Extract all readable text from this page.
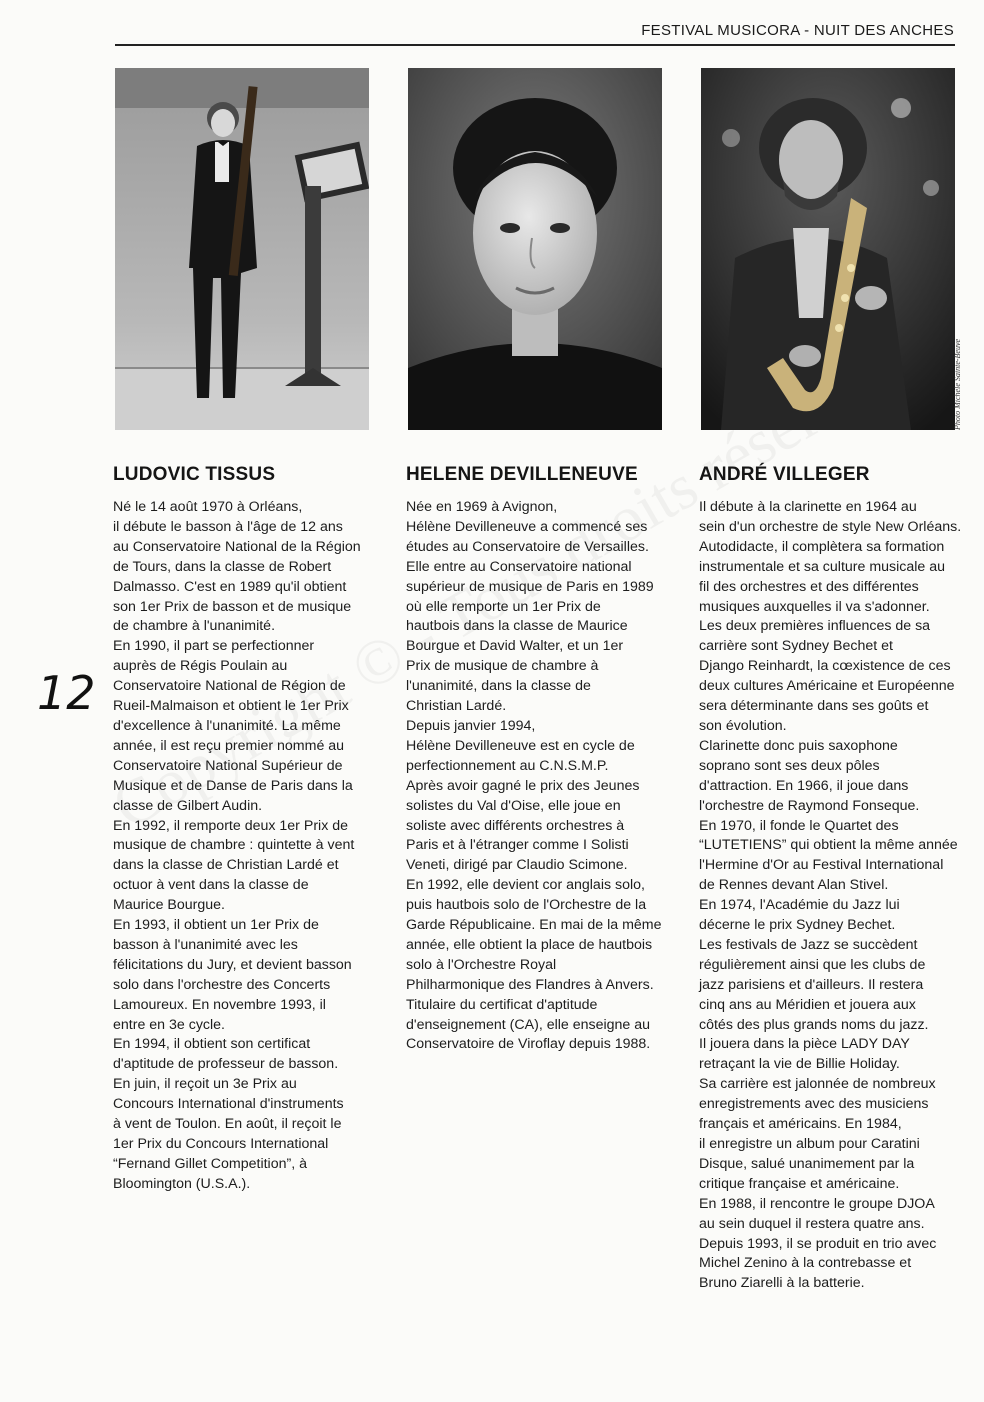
FESTIVAL MUSICORA - NUIT DES ANCHES
12
Photo Michèle Sainte-Beuve
LUDOVIC TISSUS

Né le 14 août 1970 à Orléans,
il débute le basson à l'âge de 12 ans
au Conservatoire National de la Région
de Tours, dans la classe de Robert
Dalmasso. C'est en 1989 qu'il obtient
son 1er Prix de basson et de musique
de chambre à l'unanimité.
En 1990, il part se perfectionner
auprès de Régis Poulain au
Conservatoire National de Région de
Rueil-Malmaison et obtient le 1er Prix
d'excellence à l'unanimité. La même
année, il est reçu premier nommé au
Conservatoire National Supérieur de
Musique et de Danse de Paris dans la
classe de Gilbert Audin.
En 1992, il remporte deux 1er Prix de
musique de chambre : quintette à vent
dans la classe de Christian Lardé et
octuor à vent dans la classe de
Maurice Bourgue.
En 1993, il obtient un 1er Prix de
basson à l'unanimité avec les
félicitations du Jury, et devient basson
solo dans l'orchestre des Concerts
Lamoureux. En novembre 1993, il
entre en 3e cycle.
En 1994, il obtient son certificat
d'aptitude de professeur de basson.
En juin, il reçoit un 3e Prix au
Concours International d'instruments
à vent de Toulon. En août, il reçoit le
1er Prix du Concours International
“Fernand Gillet Competition”, à
Bloomington (U.S.A.).

HELENE DEVILLENEUVE

Née en 1969 à Avignon,
Hélène Devilleneuve a commencé ses
études au Conservatoire de Versailles.
Elle entre au Conservatoire national
supérieur de musique de Paris en 1989
où elle remporte un 1er Prix de
hautbois dans la classe de Maurice
Bourgue et David Walter, et un 1er
Prix de musique de chambre à
l'unanimité, dans la classe de
Christian Lardé.
Depuis janvier 1994,
Hélène Devilleneuve est en cycle de
perfectionnement au C.N.S.M.P.
Après avoir gagné le prix des Jeunes
solistes du Val d'Oise, elle joue en
soliste avec différents orchestres à
Paris et à l'étranger comme I Solisti
Veneti, dirigé par Claudio Scimone.
En 1992, elle devient cor anglais solo,
puis hautbois solo de l'Orchestre de la
Garde Républicaine. En mai de la même
année, elle obtient la place de hautbois
solo à l'Orchestre Royal
Philharmonique des Flandres à Anvers.
Titulaire du certificat d'aptitude
d'enseignement (CA), elle enseigne au
Conservatoire de Viroflay depuis 1988.

ANDRÉ VILLEGER

Il débute à la clarinette en 1964 au
sein d'un orchestre de style New Orléans.
Autodidacte, il complètera sa formation
instrumentale et sa culture musicale au
fil des orchestres et des différentes
musiques auxquelles il va s'adonner.
Les deux premières influences de sa
carrière sont Sydney Bechet et
Django Reinhardt, la cœxistence de ces
deux cultures Américaine et Européenne
sera déterminante dans ses goûts et
son évolution.
Clarinette donc puis saxophone
soprano sont ses deux pôles
d'attraction. En 1966, il joue dans
l'orchestre de Raymond Fonseque.
En 1970, il fonde le Quartet des
“LUTETIENS” qui obtient la même année
l'Hermine d'Or au Festival International
de Rennes devant Alan Stivel.
En 1974, l'Académie du Jazz lui
décerne le prix Sydney Bechet.
Les festivals de Jazz se succèdent
régulièrement ainsi que les clubs de
jazz parisiens et d'ailleurs. Il restera
cinq ans au Méridien et jouera aux
côtés des plus grands noms du jazz.
Il jouera dans la pièce LADY DAY
retraçant la vie de Billie Holiday.
Sa carrière est jalonnée de nombreux
enregistrements avec des musiciens
français et américains. En 1984,
il enregistre un album pour Caratini
Disque, salué unanimement par la
critique française et américaine.
En 1988, il rencontre le groupe DJOA
au sein duquel il restera quatre ans.
Depuis 1993, il se produit en trio avec
Michel Zenino à la contrebasse et
Bruno Ziarelli à la batterie.
